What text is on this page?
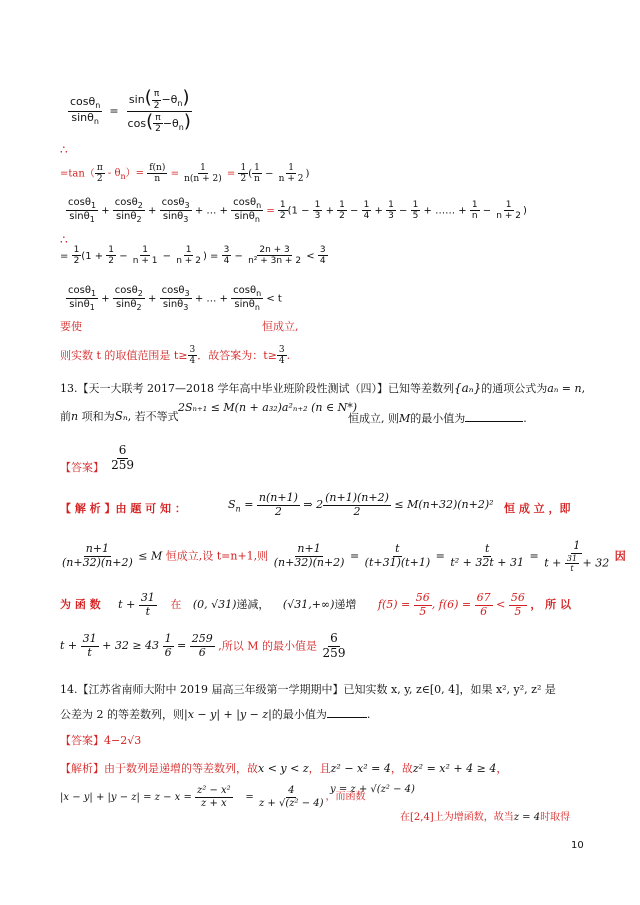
$\frac{\cos\theta_n}{\sin\theta_n} = \frac{\sin( \frac{\pi}{2} -\theta_n)}{\cos( \frac{\pi}{2} -\theta_n)}$
∴
$=\tan( \frac{\pi}{2} - \theta_n)= \frac{f(n)}{n} = \frac{1}{n(n + 2)} = \frac{1}{2}$ ( $\frac{1}{n} - \frac{1}{n + 2}$ )
$\frac{\cos\theta_1}{\sin\theta_1} + \frac{\cos\theta_2}{\sin\theta_2} + \frac{\cos\theta_3}{\sin\theta_3}$ + … + $\frac{\cos\theta_n}{\sin\theta_n} = \frac{1}{2} (1 - \frac{1}{3} + \frac{1}{2} - \frac{1}{4} + \frac{1}{3} - \frac{1}{5}$ + …… + $\frac{1}{n} - \frac{1}{n + 2}$ )
∴
= $\frac{1}{2} (1 + \frac{1}{2} - \frac{1}{n + 1} - \frac{1}{n + 2}$ ) = $\frac{3}{4} - \frac{2n + 3}{\text{n² + 3n + 2}} < \frac{3}{4}$
$\frac{\cos\theta_1}{\sin\theta_1} + \frac{\cos\theta_2}{\sin\theta_2} + \frac{\cos\theta_3}{\sin\theta_3}$ + … + $\frac{\cos\theta_n}{\sin\theta_n} < t$
要使	恒成立,
则实数 t 的取值范围是 $t\ge \frac{3}{4}$ ．故答案为：$t\ge \frac{3}{4}$ .
13.【天一大联考 2017—2018 学年高中毕业班阶段性测试（四）】已知等差数列{aₙ}的通项公式为aₙ = n,
前n 项和为Sₙ, 若不等式
2Sₙ₊₁ ≤ M(n + a₃₂)a²ₙ₊₂ (n ∈ N*)
恒成立, 则M的最小值为	.
【答案】 $\frac{6}{259}$
【 解 析 】由 题 可 知 ：	$S_n = \frac{n(n+1)}{2}$ ⇒ $2 \frac{(n+1)(n+2)}{2} \le M(n+32)(n+2)^2$ 恒 成 立 ，即
$\frac{n+1}{(n+32)(n+2)} \le M$ 恒成立,设 t=n+1,则 $\frac{n+1}{(n+32)(n+2)} = \frac{t}{(t+31)(t+1)} = \frac{t}{\text{t² + 32t + 31}} = \frac{1}{t + \frac{31}{t} + 32}$ 因
为 函 数 $t + \frac{31}{t}$ 在 (0, √31)递减， (√31,+∞)递增 $f(5) = \frac{56}{5}$ , $f(6) = \frac{67}{6} < \frac{56}{5}$ ， 所 以
$t + \frac{31}{t} + 32 \ge 43 \frac{1}{6} = \frac{259}{6}$ ,所以 M 的最小值是 $\frac{6}{259}$
14.【江苏省南师大附中 2019 届高三年级第一学期期中】已知实数 x, y, z∈[0, 4]，如果 x², y², z² 是
公差为 2 的等差数列，则|x − y| + |y − z|的最小值为	.
【答案】4−2√3
【解析】由于数列是递增的等差数列，故x < y < z，且z² − x² = 4，故z² = x² + 4 ≥ 4，
$|x - y| + |y - z| = z - x = \frac{\text{z² − x²}}{z + x} = \frac{4}{\text{z + √(z² − 4)}}$ ，而函数
y = z + √(z² − 4)
在[2,4]上为增函数，故当z = 4时取得
10
